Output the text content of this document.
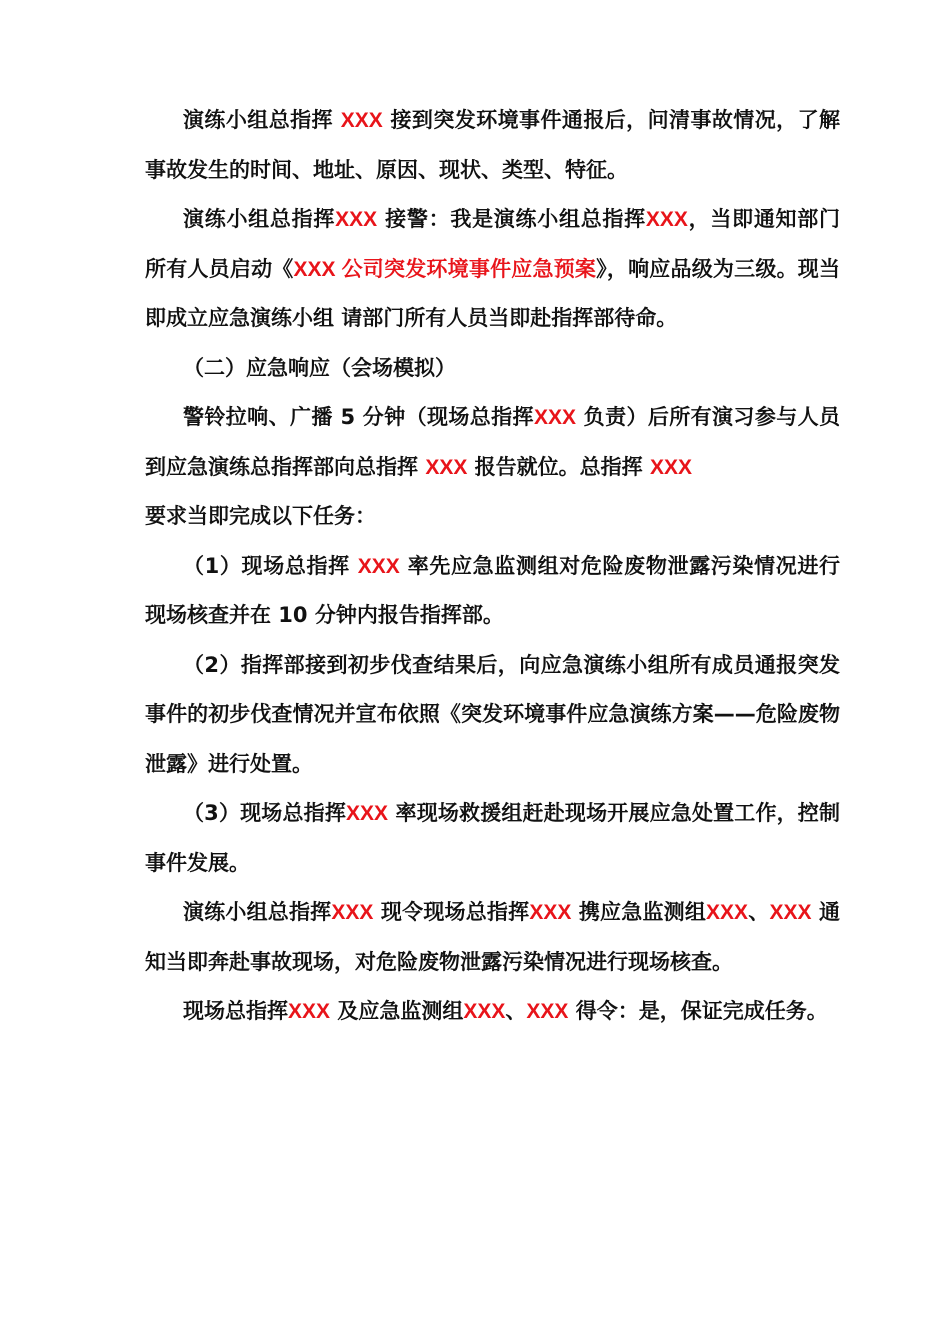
演练小组总指挥 XXX 接到突发环境事件通报后，问清事故情况，了解事故发生的时间、地址、原因、现状、类型、特征。

演练小组总指挥XXX 接警：我是演练小组总指挥XXX，当即通知部门所有人员启动《XXX 公司突发环境事件应急预案》，响应品级为三级。现当即成立应急演练小组 请部门所有人员当即赴指挥部待命。

（二）应急响应（会场模拟）

警铃拉响、广播 5 分钟（现场总指挥XXX 负责）后所有演习参与人员到应急演练总指挥部向总指挥 XXX 报告就位。总指挥 XXX
要求当即完成以下任务：

（1）现场总指挥 XXX 率先应急监测组对危险废物泄露污染情况进行现场核查并在 10 分钟内报告指挥部。

（2）指挥部接到初步伐查结果后，向应急演练小组所有成员通报突发事件的初步伐查情况并宣布依照《突发环境事件应急演练方案——危险废物泄露》进行处置。

（3）现场总指挥XXX 率现场救援组赶赴现场开展应急处置工作，控制事件发展。

演练小组总指挥XXX 现令现场总指挥XXX 携应急监测组XXX、XXX 通知当即奔赴事故现场，对危险废物泄露污染情况进行现场核查。

现场总指挥XXX 及应急监测组XXX、XXX 得令：是，保证完成任务。
